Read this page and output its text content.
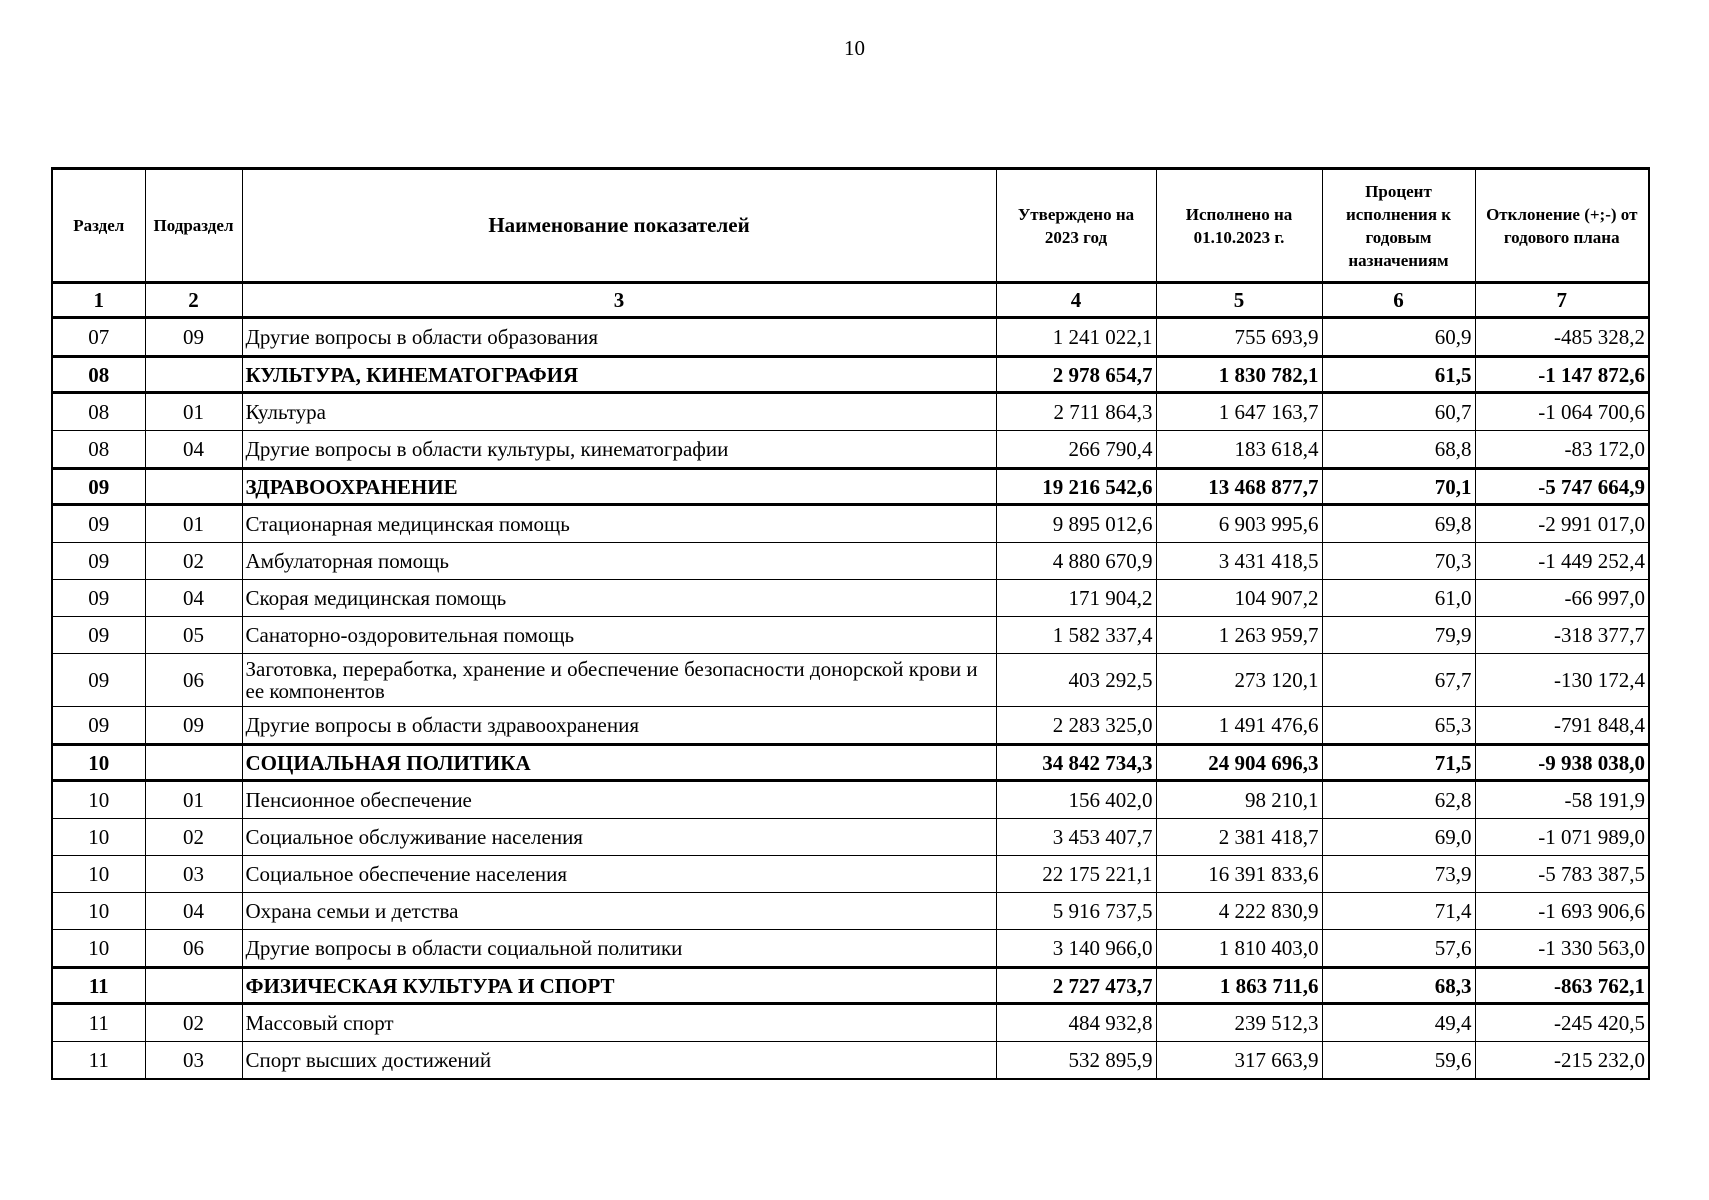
10
Раздел	Подраздел	Наименование показателей	Утверждено на 2023 год	Исполнено на 01.10.2023 г.	Процент исполнения к годовым назначениям	Отклонение (+;-) от годового плана
1	2	3	4	5	6	7
07	09	Другие вопросы в области образования	1 241 022,1	755 693,9	60,9	-485 328,2
08		КУЛЬТУРА, КИНЕМАТОГРАФИЯ	2 978 654,7	1 830 782,1	61,5	-1 147 872,6
08	01	Культура	2 711 864,3	1 647 163,7	60,7	-1 064 700,6
08	04	Другие вопросы в области культуры, кинематографии	266 790,4	183 618,4	68,8	-83 172,0
09		ЗДРАВООХРАНЕНИЕ	19 216 542,6	13 468 877,7	70,1	-5 747 664,9
09	01	Стационарная медицинская помощь	9 895 012,6	6 903 995,6	69,8	-2 991 017,0
09	02	Амбулаторная помощь	4 880 670,9	3 431 418,5	70,3	-1 449 252,4
09	04	Скорая медицинская помощь	171 904,2	104 907,2	61,0	-66 997,0
09	05	Санаторно-оздоровительная помощь	1 582 337,4	1 263 959,7	79,9	-318 377,7
09	06	Заготовка, переработка, хранение и обеспечение безопасности донорской крови и ее компонентов	403 292,5	273 120,1	67,7	-130 172,4
09	09	Другие вопросы в области здравоохранения	2 283 325,0	1 491 476,6	65,3	-791 848,4
10		СОЦИАЛЬНАЯ ПОЛИТИКА	34 842 734,3	24 904 696,3	71,5	-9 938 038,0
10	01	Пенсионное обеспечение	156 402,0	98 210,1	62,8	-58 191,9
10	02	Социальное обслуживание населения	3 453 407,7	2 381 418,7	69,0	-1 071 989,0
10	03	Социальное обеспечение населения	22 175 221,1	16 391 833,6	73,9	-5 783 387,5
10	04	Охрана семьи и детства	5 916 737,5	4 222 830,9	71,4	-1 693 906,6
10	06	Другие вопросы в области социальной политики	3 140 966,0	1 810 403,0	57,6	-1 330 563,0
11		ФИЗИЧЕСКАЯ КУЛЬТУРА И СПОРТ	2 727 473,7	1 863 711,6	68,3	-863 762,1
11	02	Массовый спорт	484 932,8	239 512,3	49,4	-245 420,5
11	03	Спорт высших достижений	532 895,9	317 663,9	59,6	-215 232,0
